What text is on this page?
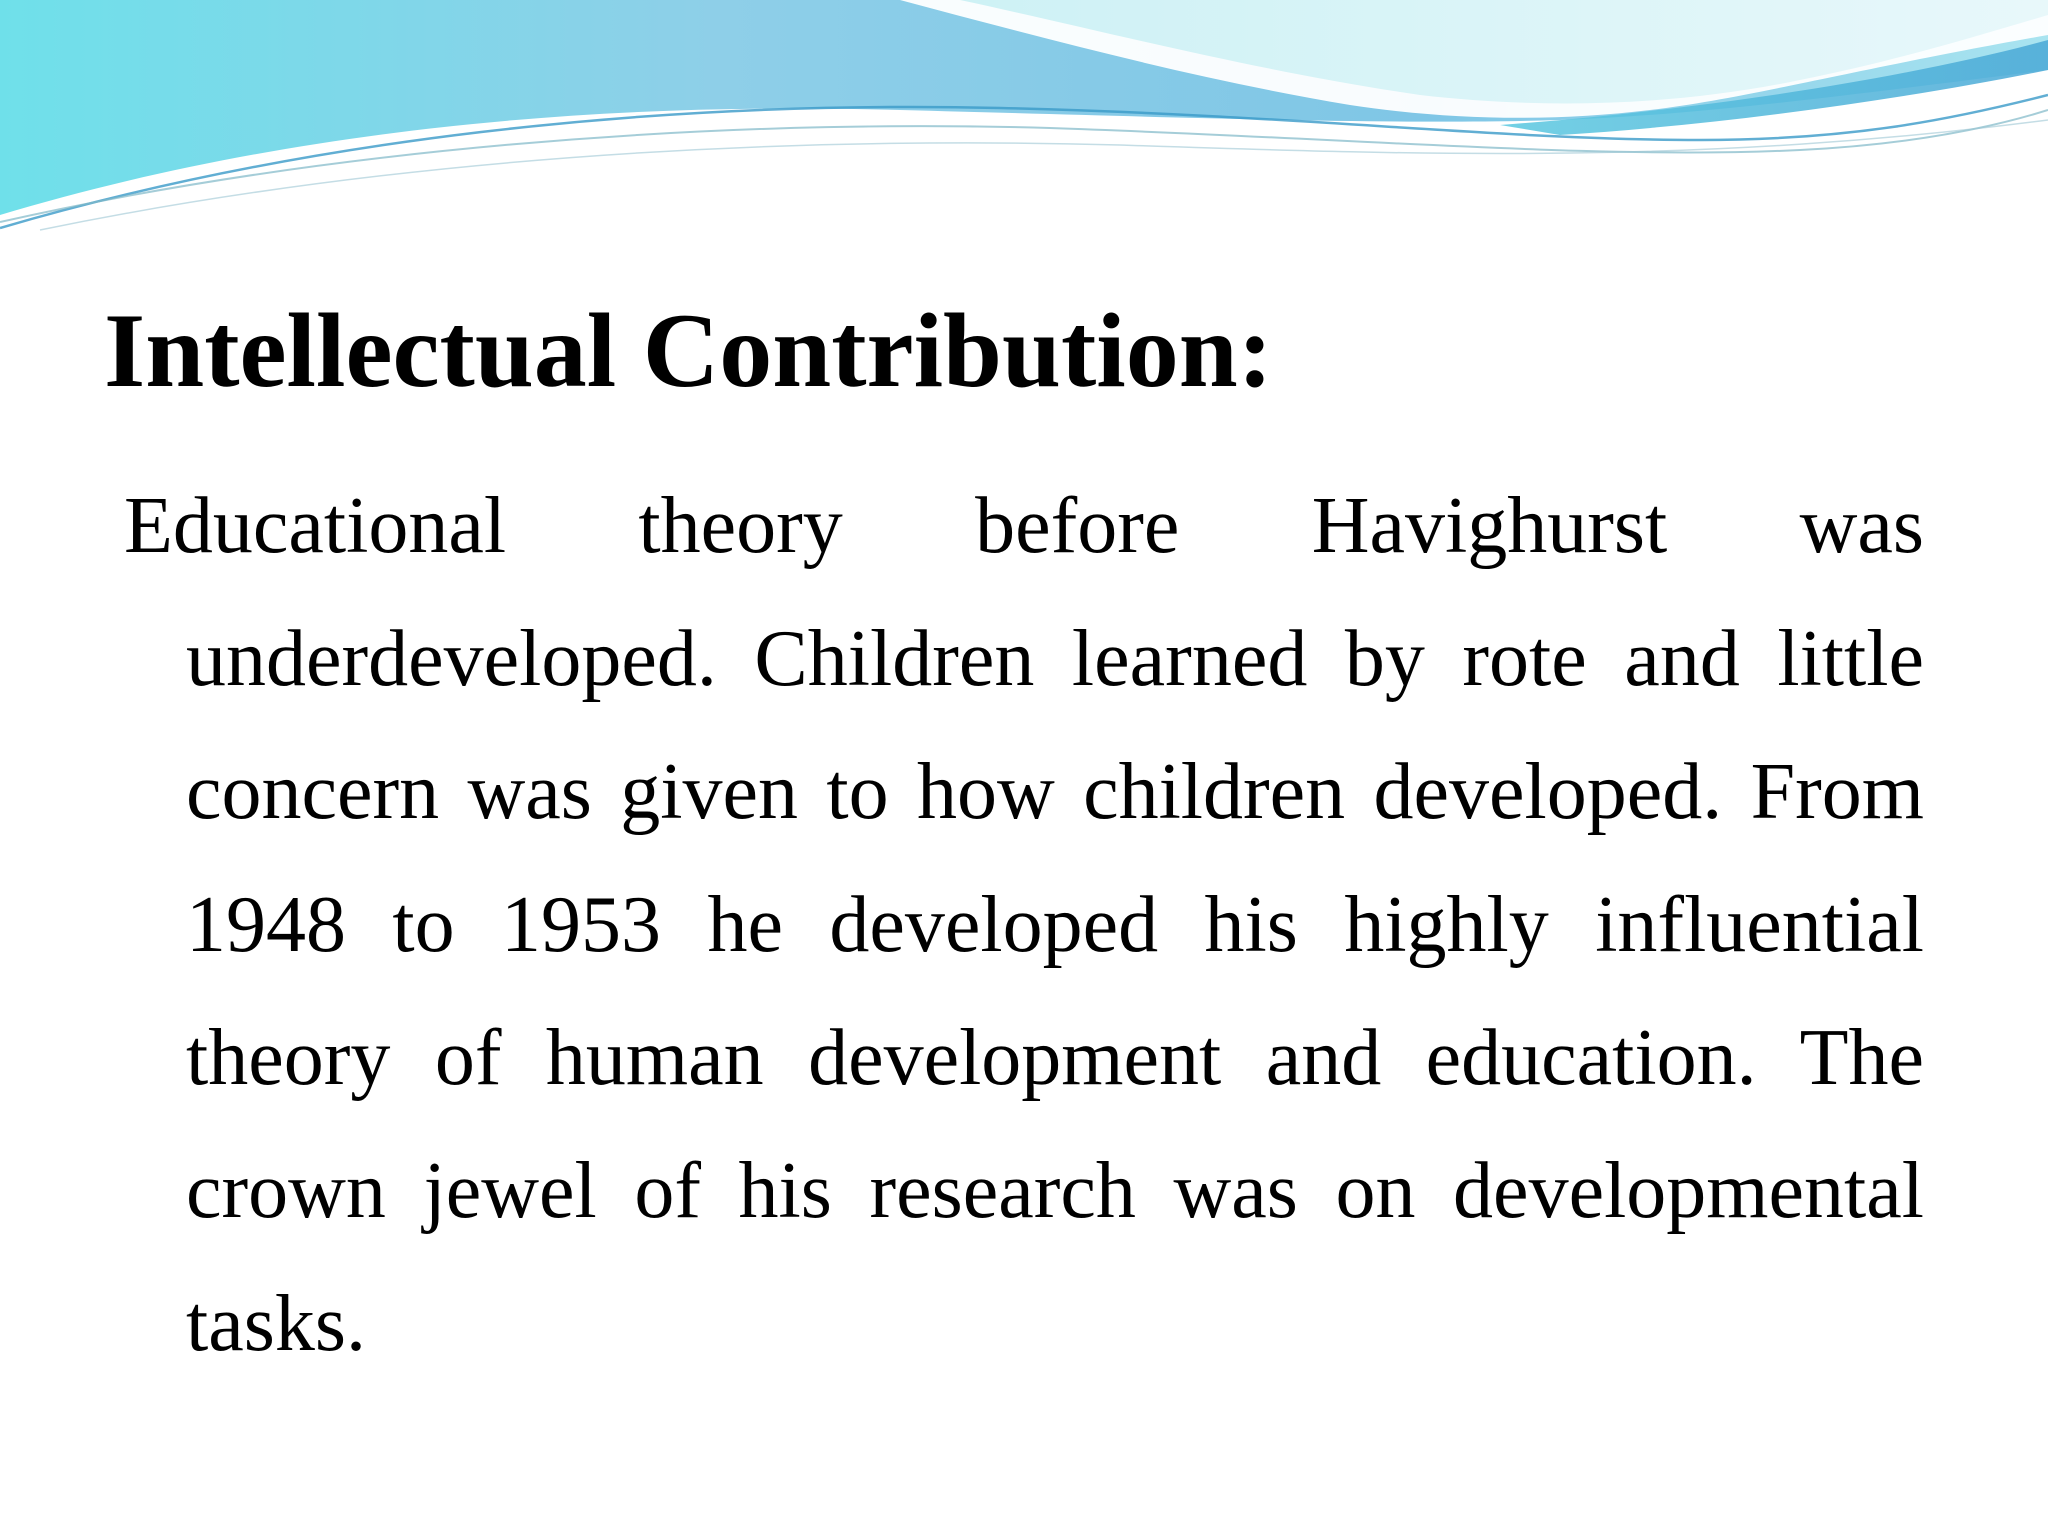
Intellectual Contribution:

Educational theory before Havighurst was underdeveloped. Children learned by rote and little concern was given to how children developed. From 1948 to 1953 he developed his highly influential theory of human development and education. The crown jewel of his research was on developmental tasks.
